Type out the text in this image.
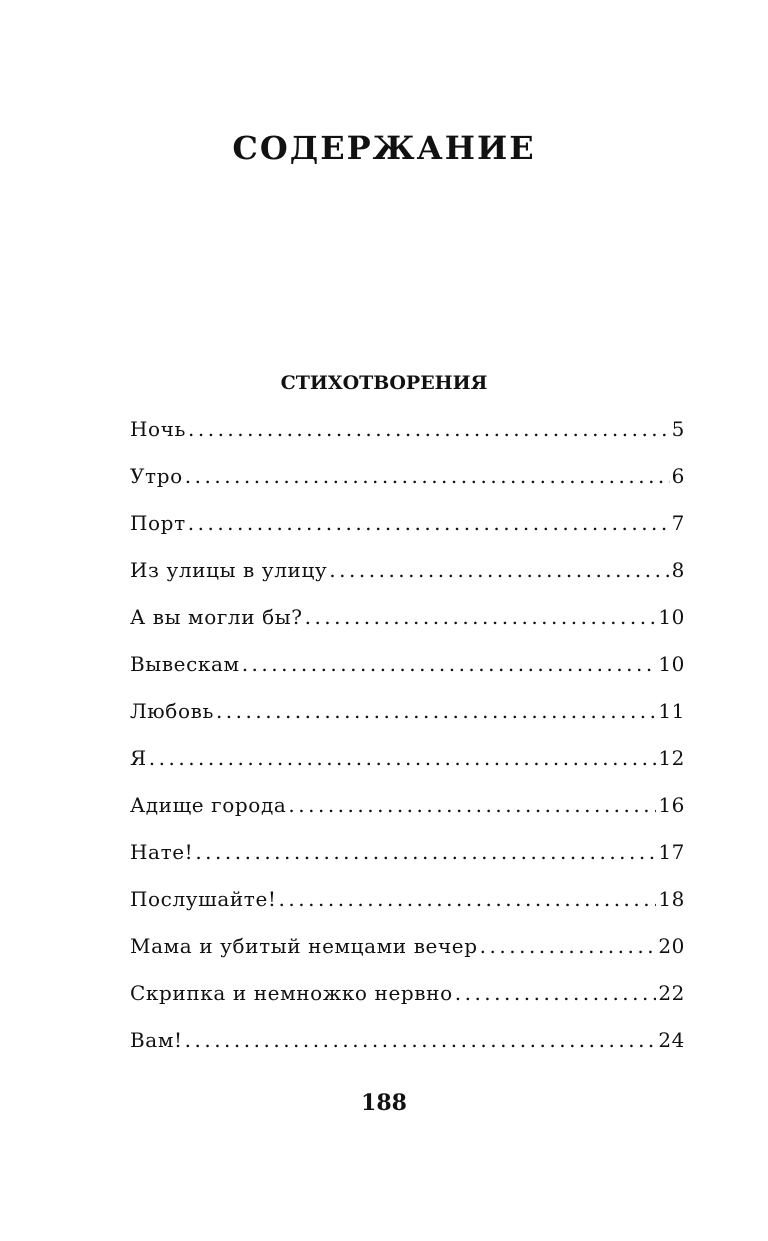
СОДЕРЖАНИЕ
СТИХОТВОРЕНИЯ
Ночь .....	5
Утро .....	6
Порт .....	7
Из улицы в улицу .....	8
А вы могли бы? .....	10
Вывескам .....	10
Любовь .....	11
Я .....	12
Адище города .....	16
Нате! .....	17
Послушайте! .....	18
Мама и убитый немцами вечер .....	20
Скрипка и немножко нервно .....	22
Вам! .....	24
188
